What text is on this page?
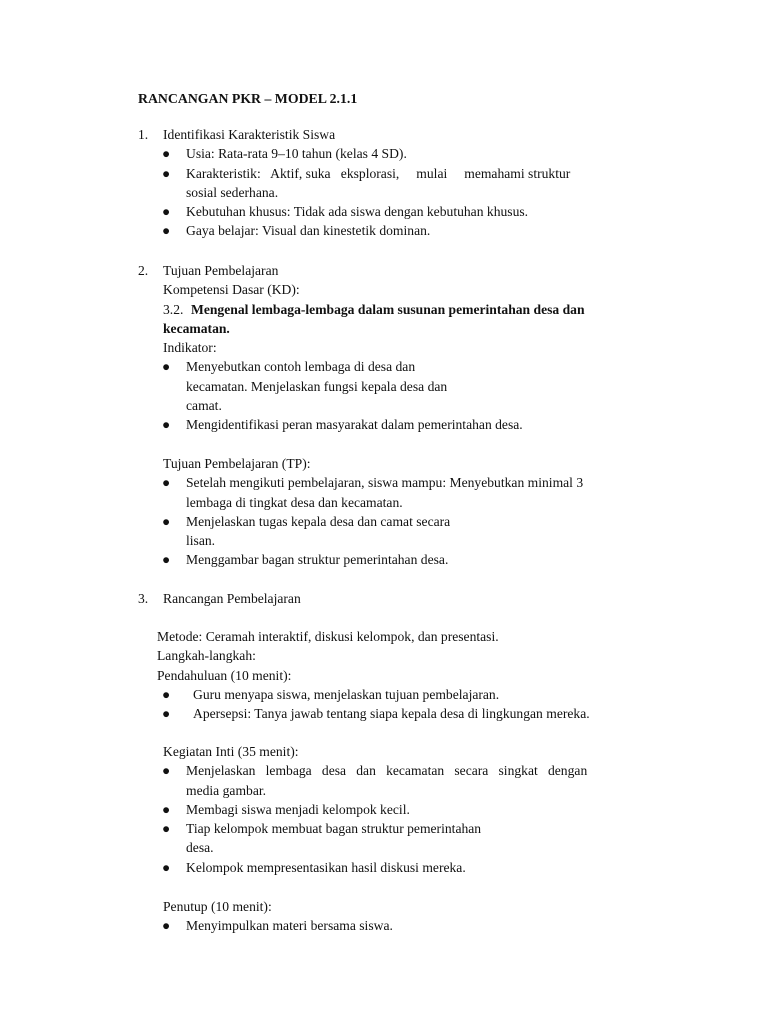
RANCANGAN PKR – MODEL 2.1.1
1. Identifikasi Karakteristik Siswa
● Usia: Rata-rata 9–10 tahun (kelas 4 SD).
● Karakteristik:   Aktif, suka   eksplorasi,     mulai     memahami struktur
sosial sederhana.
● Kebutuhan khusus: Tidak ada siswa dengan kebutuhan khusus.
● Gaya belajar: Visual dan kinestetik dominan.
2. Tujuan Pembelajaran
Kompetensi Dasar (KD):
3.2. Mengenal lembaga-lembaga dalam susunan pemerintahan desa dan
kecamatan.
Indikator:
● Menyebutkan contoh lembaga di desa dan
kecamatan. Menjelaskan fungsi kepala desa dan
camat.
● Mengidentifikasi peran masyarakat dalam pemerintahan desa.
Tujuan Pembelajaran (TP):
● Setelah mengikuti pembelajaran, siswa mampu: Menyebutkan minimal 3
lembaga di tingkat desa dan kecamatan.
● Menjelaskan tugas kepala desa dan camat secara
lisan.
● Menggambar bagan struktur pemerintahan desa.
3. Rancangan Pembelajaran
Metode: Ceramah interaktif, diskusi kelompok, dan presentasi.
Langkah-langkah:
Pendahuluan (10 menit):
● Guru menyapa siswa, menjelaskan tujuan pembelajaran.
● Apersepsi: Tanya jawab tentang siapa kepala desa di lingkungan mereka.
Kegiatan Inti (35 menit):
● Menjelaskan   lembaga   desa   dan   kecamatan   secara   singkat   dengan
media gambar.
● Membagi siswa menjadi kelompok kecil.
● Tiap kelompok membuat bagan struktur pemerintahan
desa.
● Kelompok mempresentasikan hasil diskusi mereka.
Penutup (10 menit):
● Menyimpulkan materi bersama siswa.
